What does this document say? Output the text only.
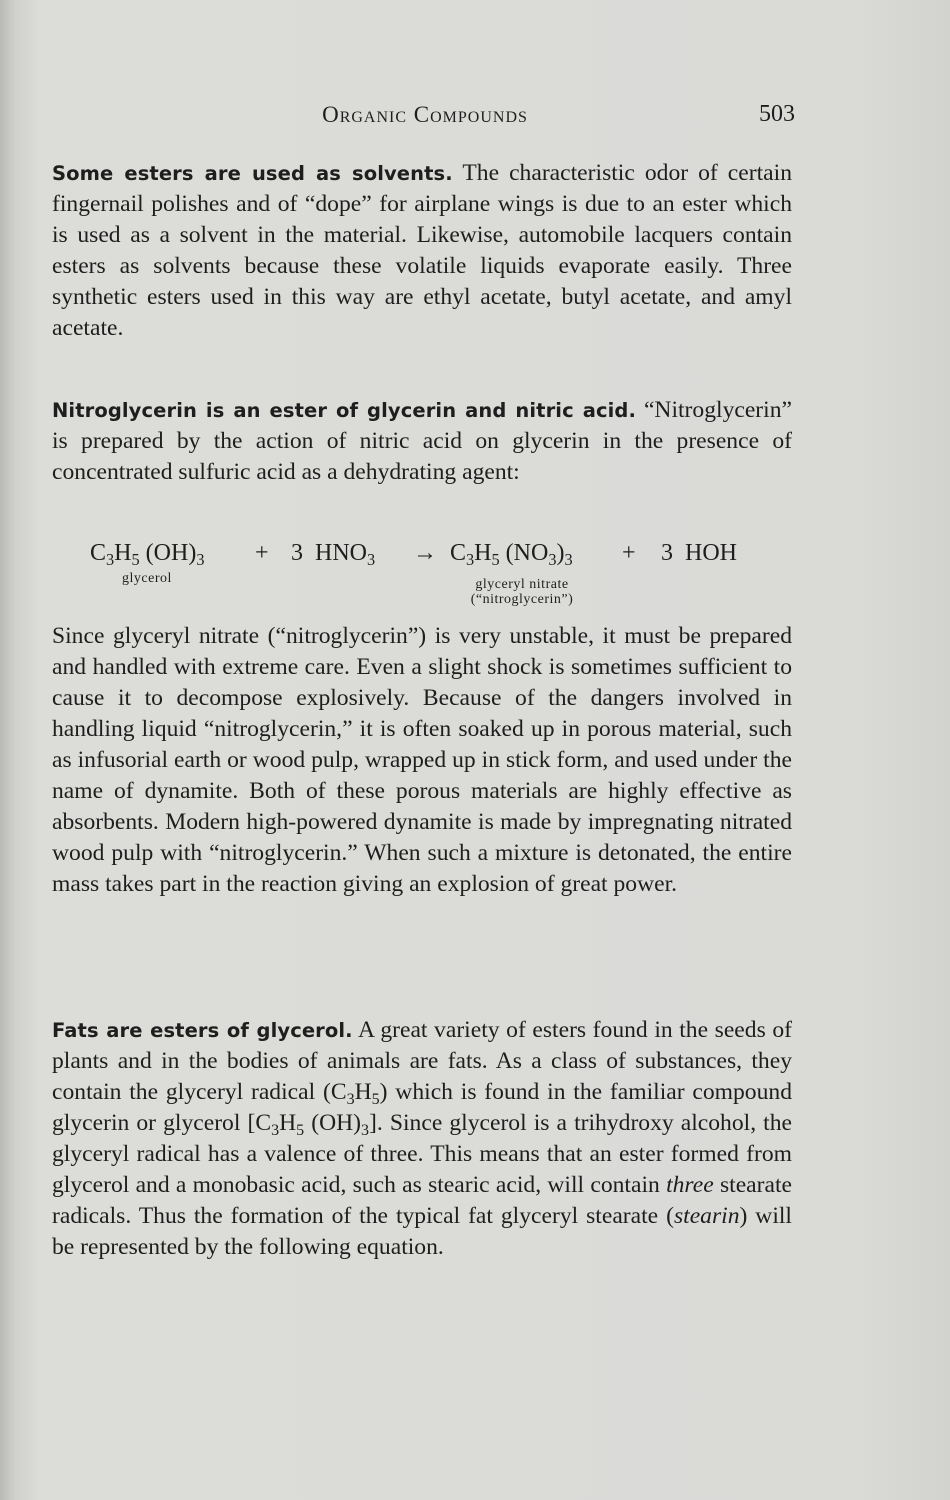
Organic Compounds	503

Some esters are used as solvents. The characteristic odor of certain fingernail polishes and of “dope” for airplane wings is due to an ester which is used as a solvent in the material. Likewise, automobile lacquers contain esters as solvents because these volatile liquids evaporate easily. Three synthetic esters used in this way are ethyl acetate, butyl acetate, and amyl acetate.

Nitroglycerin is an ester of glycerin and nitric acid. “Nitroglycerin” is prepared by the action of nitric acid on glycerin in the presence of concentrated sulfuric acid as a dehydrating agent:

$C_3H_5$ $(OH)_3 + 3$ $HNO_3 \to C_3H_5$ $(NO_3)_3 + 3$ HOH
glycerol	glyceryl nitrate
(“nitroglycerin”)

Since glyceryl nitrate (“nitroglycerin”) is very unstable, it must be prepared and handled with extreme care. Even a slight shock is sometimes sufficient to cause it to decompose explosively. Because of the dangers involved in handling liquid “nitroglycerin,” it is often soaked up in porous material, such as infusorial earth or wood pulp, wrapped up in stick form, and used under the name of dynamite. Both of these porous materials are highly effective as absorbents. Modern high-powered dynamite is made by impregnating nitrated wood pulp with “nitroglycerin.” When such a mixture is detonated, the entire mass takes part in the reaction giving an explosion of great power.

Fats are esters of glycerol. A great variety of esters found in the seeds of plants and in the bodies of animals are fats. As a class of substances, they contain the glyceryl radical $(C_3H_5)$ which is found in the familiar compound glycerin or glycerol [$C_3H_5$ $(OH)_3$]. Since glycerol is a trihydroxy alcohol, the glyceryl radical has a valence of three. This means that an ester formed from glycerol and a monobasic acid, such as stearic acid, will contain three stearate radicals. Thus the formation of the typical fat glyceryl stearate (stearin) will be represented by the following equation.
